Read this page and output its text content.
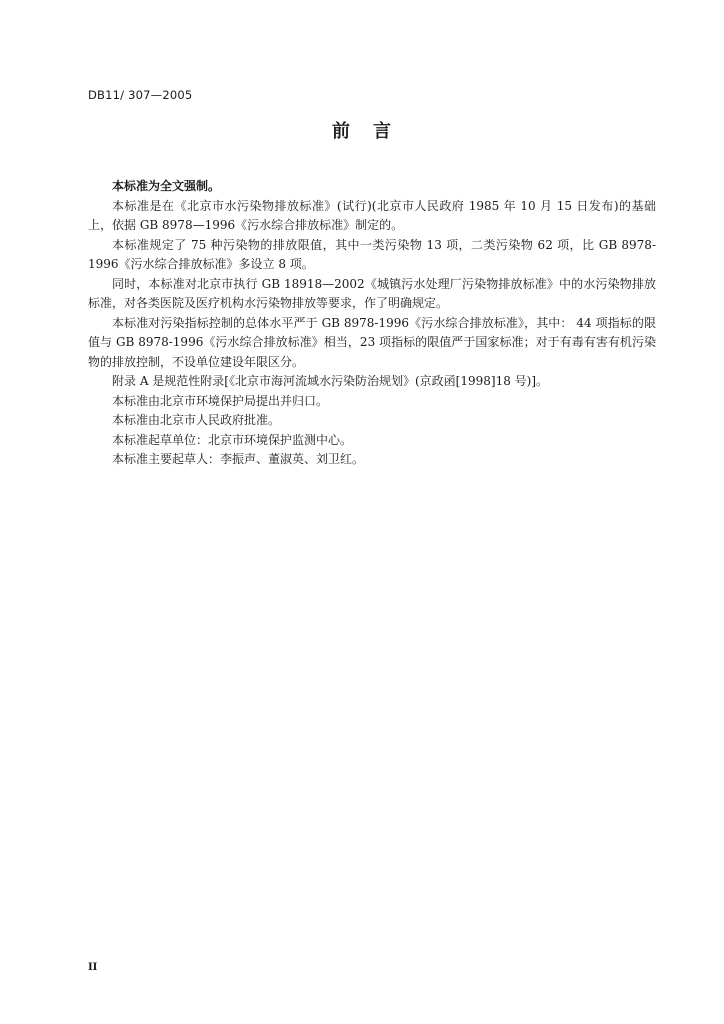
DB11/ 307—2005

前 言

本标准为全文强制。

本标准是在《北京市水污染物排放标准》(试行)(北京市人民政府 1985 年 10 月 15 日发布)的基础上，依据 GB 8978—1996《污水综合排放标准》制定的。

本标准规定了 75 种污染物的排放限值，其中一类污染物 13 项，二类污染物 62 项，比 GB 8978-1996《污水综合排放标准》多设立 8 项。

同时，本标准对北京市执行 GB 18918—2002《城镇污水处理厂污染物排放标准》中的水污染物排放标准，对各类医院及医疗机构水污染物排放等要求，作了明确规定。

本标准对污染指标控制的总体水平严于 GB 8978-1996《污水综合排放标准》，其中： 44 项指标的限值与 GB 8978-1996《污水综合排放标准》相当，23 项指标的限值严于国家标准；对于有毒有害有机污染物的排放控制，不设单位建设年限区分。

附录 A 是规范性附录[《北京市海河流域水污染防治规划》(京政函[1998]18 号)]。

本标准由北京市环境保护局提出并归口。

本标准由北京市人民政府批准。

本标准起草单位：北京市环境保护监测中心。

本标准主要起草人：李振声、董淑英、刘卫红。

II
